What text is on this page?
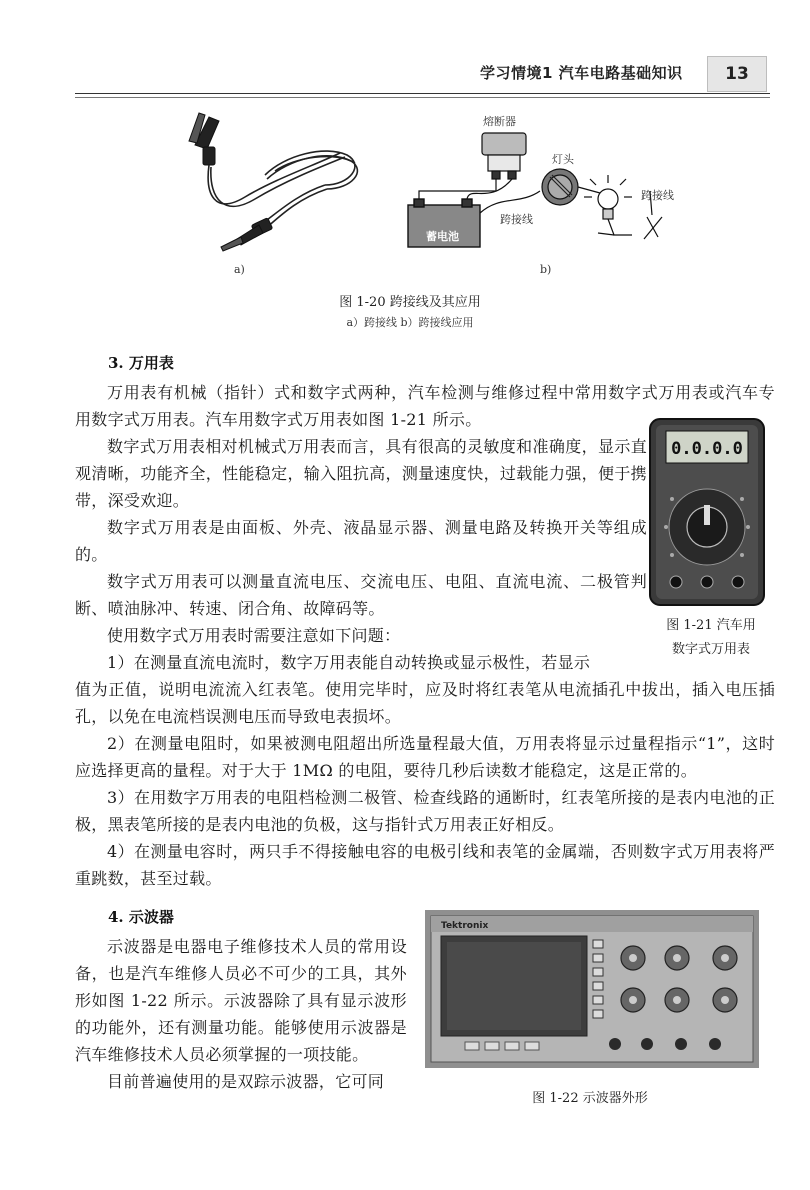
学习情境1 汽车电路基础知识	13
a)
熔断器
灯头
跨接线
跨接线
蓄电池
b)
图 1-20 跨接线及其应用
a）跨接线 b）跨接线应用
3. 万用表

万用表有机械（指针）式和数字式两种，汽车检测与维修过程中常用数字式万用表或汽车专用数字式万用表。汽车用数字式万用表如图 1-21 所示。

数字式万用表相对机械式万用表而言，具有很高的灵敏度和准确度，显示直观清晰，功能齐全，性能稳定，输入阻抗高，测量速度快，过载能力强，便于携带，深受欢迎。

数字式万用表是由面板、外壳、液晶显示器、测量电路及转换开关等组成的。

数字式万用表可以测量直流电压、交流电压、电阻、直流电流、二极管判断、喷油脉冲、转速、闭合角、故障码等。

使用数字式万用表时需要注意如下问题：

1）在测量直流电流时，数字万用表能自动转换或显示极性，若显示

0.0.0.0
图 1-21 汽车用
数字式万用表

值为正值，说明电流流入红表笔。使用完毕时，应及时将红表笔从电流插孔中拔出，插入电压插孔，以免在电流档误测电压而导致电表损坏。

2）在测量电阻时，如果被测电阻超出所选量程最大值，万用表将显示过量程指示“1”，这时应选择更高的量程。对于大于 1MΩ 的电阻，要待几秒后读数才能稳定，这是正常的。

3）在用数字万用表的电阻档检测二极管、检查线路的通断时，红表笔所接的是表内电池的正极，黑表笔所接的是表内电池的负极，这与指针式万用表正好相反。

4）在测量电容时，两只手不得接触电容的电极引线和表笔的金属端，否则数字式万用表将严重跳数，甚至过载。

4. 示波器

示波器是电器电子维修技术人员的常用设备，也是汽车维修人员必不可少的工具，其外形如图 1-22 所示。示波器除了具有显示波形的功能外，还有测量功能。能够使用示波器是汽车维修技术人员必须掌握的一项技能。

目前普遍使用的是双踪示波器，它可同

Tektronix
图 1-22 示波器外形
